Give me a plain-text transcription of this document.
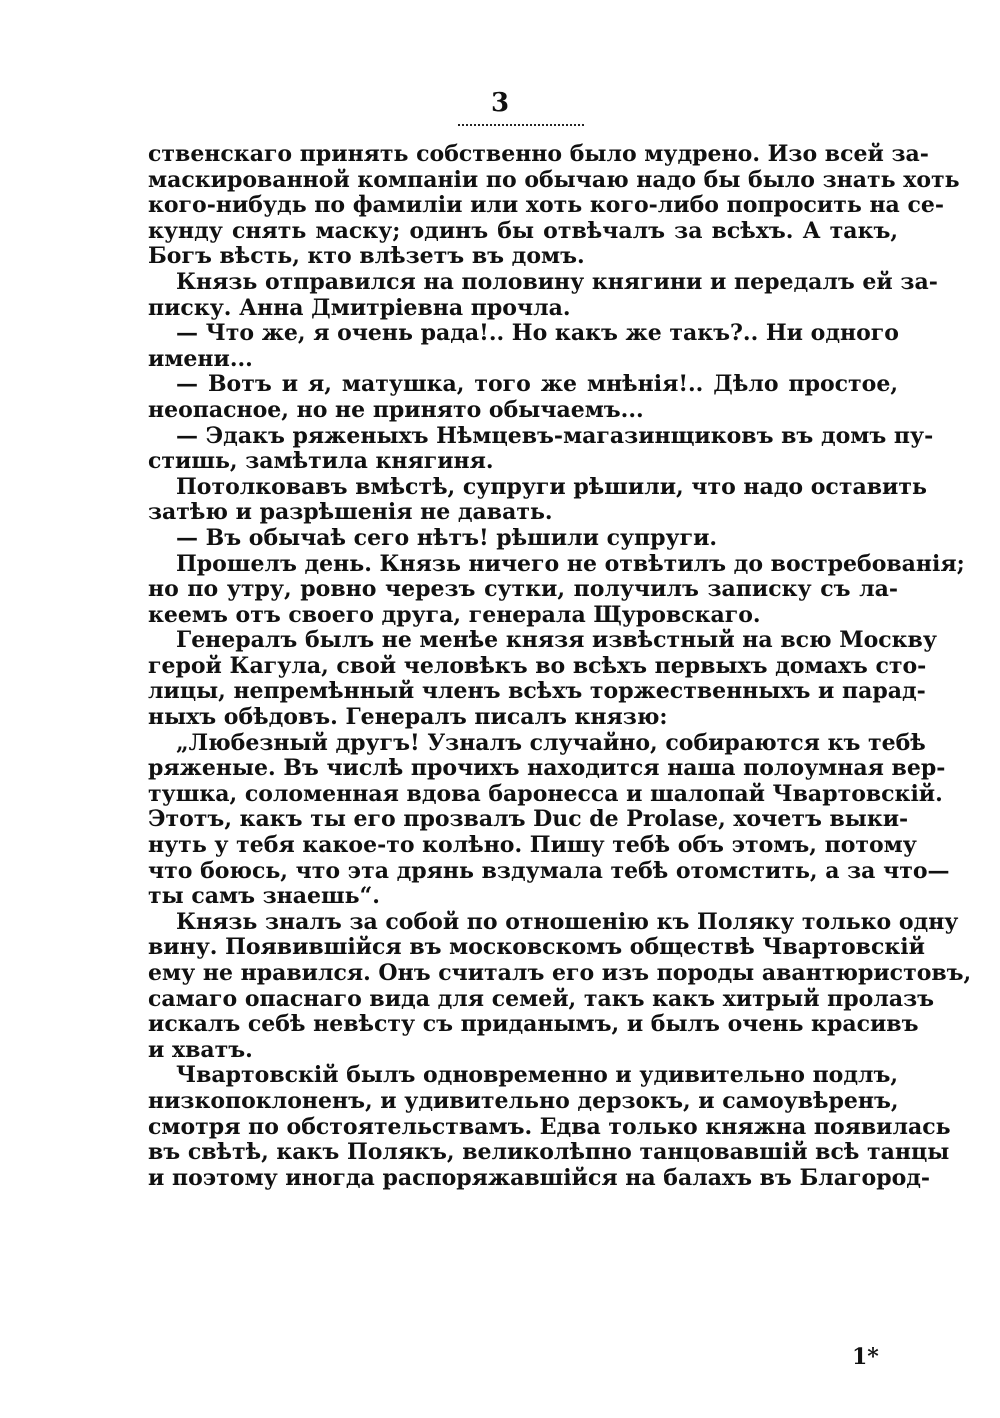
3

ственскаго принять собственно было мудрено. Изо всей за-
маскированной компаніи по обычаю надо бы было знать хоть
кого-нибудь по фамиліи или хоть кого-либо попросить на се-
кунду снять маску; одинъ бы отвѣчалъ за всѣхъ. А такъ,
Богъ вѣсть, кто влѣзетъ въ домъ.

Князь отправился на половину княгини и передалъ ей за-
писку. Анна Дмитріевна прочла.

— Что же, я очень рада!.. Но какъ же такъ?.. Ни одного
имени...

— Вотъ и я, матушка, того же мнѣнія!.. Дѣло простое,
неопасное, но не принято обычаемъ...

— Эдакъ ряженыхъ Нѣмцевъ-магазинщиковъ въ домъ пу-
стишь, замѣтила княгиня.

Потолковавъ вмѣстѣ, супруги рѣшили, что надо оставить
затѣю и разрѣшенія не давать.

— Въ обычаѣ сего нѣтъ! рѣшили супруги.

Прошелъ день. Князь ничего не отвѣтилъ до востребованія;
но по утру, ровно черезъ сутки, получилъ записку съ ла-
кеемъ отъ своего друга, генерала Щуровскаго.

Генералъ былъ не менѣе князя извѣстный на всю Москву
герой Кагула, свой человѣкъ во всѣхъ первыхъ домахъ сто-
лицы, непремѣнный членъ всѣхъ торжественныхъ и парад-
ныхъ обѣдовъ. Генералъ писалъ князю:

„Любезный другъ! Узналъ случайно, собираются къ тебѣ
ряженые. Въ числѣ прочихъ находится наша полоумная вер-
тушка, соломенная вдова баронесса и шалопай Чвартовскій.
Этотъ, какъ ты его прозвалъ Duc de Prolase, хочетъ выки-
нуть у тебя какое-то колѣно. Пишу тебѣ объ этомъ, потому
что боюсь, что эта дрянь вздумала тебѣ отомстить, а за что—
ты самъ знаешь“.

Князь зналъ за собой по отношенію къ Поляку только одну
вину. Появившійся въ московскомъ обществѣ Чвартовскій
ему не нравился. Онъ считалъ его изъ породы авантюристовъ,
самаго опаснаго вида для семей, такъ какъ хитрый пролазъ
искалъ себѣ невѣсту съ приданымъ, и былъ очень красивъ
и хватъ.

Чвартовскій былъ одновременно и удивительно подлъ,
низкопоклоненъ, и удивительно дерзокъ, и самоувѣренъ,
смотря по обстоятельствамъ. Едва только княжна появилась
въ свѣтѣ, какъ Полякъ, великолѣпно танцовавшій всѣ танцы
и поэтому иногда распоряжавшійся на балахъ въ Благород-

1*
